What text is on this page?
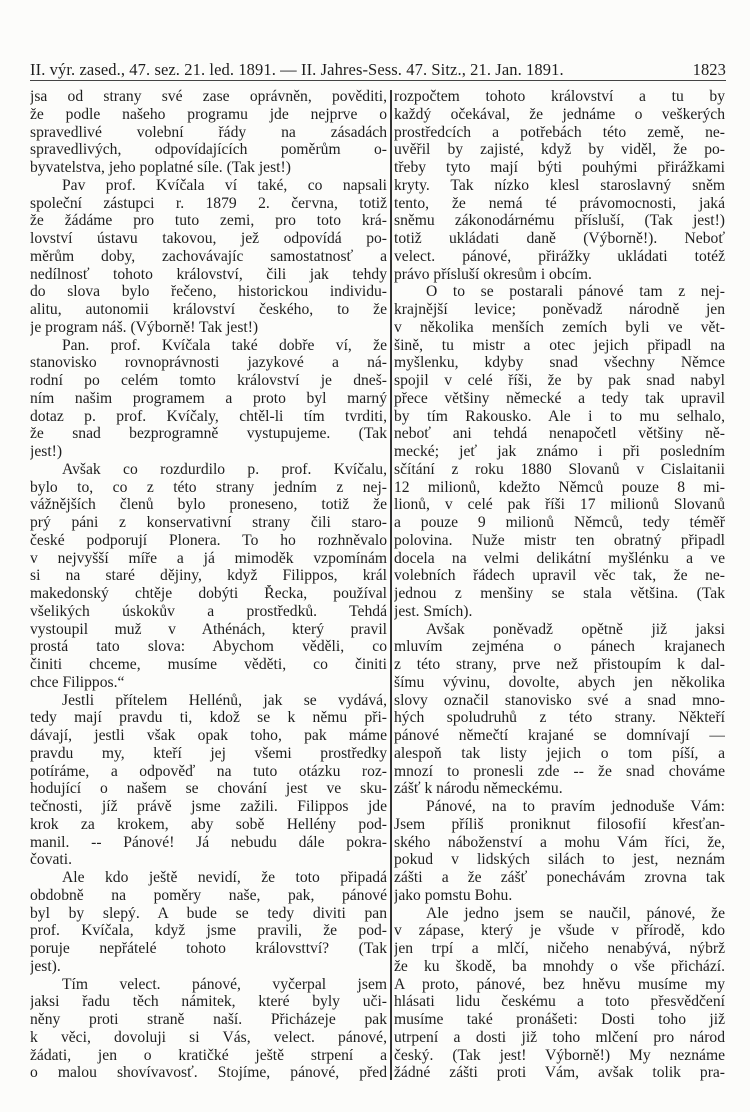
II. výr. zased., 47. sez. 21. led. 1891. — II. Jahres-Sess. 47. Sitz., 21. Jan. 1891.	1823
jsa od strany své zase oprávněn, pověditi,
že podle našeho programu jde nejprve o
spravedlivé volební řády na zásadách
spravedlivých, odpovídajících poměrům o-
byvatelstva, jeho poplatné síle. (Tak jest!)
Pav prof. Kvíčala ví také, co napsali
společní zástupci r. 1879 2. čeгvna, totiž
že žádáme pro tuto zemi, pro toto krá-
lovství ústavu takovou, jež odpovídá po-
měrům doby, zachovávajíc samostatnosť a
nedílnosť tohoto království, čili jak tehdy
do slova bylo řečeno, historickou individu-
alitu, autonomii království českého, to že
je program náš. (Výborně! Tak jest!)
Pan. prof. Kvíčala také dobře ví, že
stanovisko rovnoprávnosti jazykové a ná-
rodní po celém tomto království je dneš-
ním našim programem a proto byl marný
dotaz p. prof. Kvíčaly, chtěl-li tím tvrditi,
že snad bezprogramně vystupujeme. (Tak
jest!)
Avšak co rozdurdilo p. prof. Kvíčalu,
bylo to, co z této strany jedním z nej-
vážnějších členů bylo proneseno, totiž že
prý páni z konservativní strany čili staro-
české podporují Plonera. To ho rozhněvalo
v nejvyšší míře a já mimoděk vzpomínám
si na staré dějiny, když Filippos, král
makedonský chtěje dobýti Řecka, používal
všelikých úskokův a prostředků. Tehdá
vystoupil muž v Athénách, který pravil
prostá tato slova: Abychom věděli, co
činiti chceme, musíme věděti, co činiti
chce Filippos.“
Jestli přítelem Hellénů, jak se vydává,
tedy mají pravdu ti, kdož se k němu při-
dávají, jestli však opak toho, pak máme
pravdu my, kteří jej všemi prostředky
potíráme, a odpověď na tuto otázku roz-
hodující o našem se chování jest ve sku-
tečnosti, jíž právě jsme zažili. Filippos jde
krok za krokem, aby sobě Hellény pod-
manil. -- Pánové! Já nebudu dále pokra-
čovati.
Ale kdo ještě nevidí, že toto připadá
obdobně na poměry naše, pak, pánové
byl by slepý. A bude se tedy diviti pan
prof. Kvíčala, když jsme pravili, že pod-
poruje nepřátelé tohoto královsttví? (Tak
jest).
Tím velect. pánové, vyčerpal jsem
jaksi řadu těch námitek, které byly uči-
něny proti straně naší. Přicházeje pak
k věci, dovoluji si Vás, velect. pánové,
žádati, jen o kratičké ještě strpení a
o malou shovívavosť. Stojíme, pánové, před
rozpočtem tohoto království a tu by
každý očekával, že jednáme o veškerých
prostředcích a potřebách této země, ne-
uvěřil by zajisté, když by viděl, že po-
třeby tyto mají býti pouhými přirážkami
kryty. Tak nízko klesl staroslavný sněm
tento, že nemá té právomocnosti, jaká
sněmu zákonodárnému přísluší, (Tak jest!)
totiž ukládati daně (Výborně!). Neboť
velect. pánové, přirážky ukládati totéž
právo přísluší okresům i obcím.
O to se postarali pánové tam z nej-
krajnější levice; poněvadž národně jen
v několika menších zemích byli ve vět-
šině, tu mistr a otec jejich připadl na
myšlenku, kdyby snad všechny Němce
spojil v celé říši, že by pak snad nabyl
přece většiny německé a tedy tak upravil
by tím Rakousko. Ale i to mu selhalo,
neboť ani tehdá nenapočetl většiny ně-
mecké; jeť jak známo i při posledním
sčítání z roku 1880 Slovanů v Cislaitanii
12 milionů, kdežto Němců pouze 8 mi-
lionů, v celé pak říši 17 milionů Slovanů
a pouze 9 milionů Němců, tedy téměř
polovina. Nuže mistr ten obratný připadl
docela na velmi delikátní myšlénku a ve
volebních řádech upravil věc tak, že ne-
jednou z menšiny se stala většina. (Tak
jest. Smích).
Avšak poněvadž opětně již jaksi
mluvím zejména o pánech krajanech
z této strany, prve než přistoupím k dal-
šímu vývinu, dovolte, abych jen několika
slovy označil stanovisko své a snad mno-
hých spoludruhů z této strany. Někteří
pánové němečtí krajané se domnívají —
alespoň tak listy jejich o tom píší, a
mnozí to pronesli zde -- že snad chováme
zášť k národu německému.
Pánové, na to pravím jednoduše Vám:
Jsem příliš proniknut filosofií křesťan-
ského náboženství a mohu Vám říci, že,
pokud v lidských silách to jest, neznám
zášti a že zášť ponechávám zrovna tak
jako pomstu Bohu.
Ale jedno jsem se naučil, pánové, že
v zápase, který je všude v přírodě, kdo
jen trpí a mlčí, ničeho nenabývá, nýbrž
že ku škodě, ba mnohdy o vše přichází.
A proto, pánové, bez hněvu musíme my
hlásati lidu českému a toto přesvědčení
musíme také pronášeti: Dosti toho již
utrpení a dosti již toho mlčení pro národ
český. (Tak jest! Výborně!) My neznáme
žádné zášti proti Vám, avšak tolik pra-
